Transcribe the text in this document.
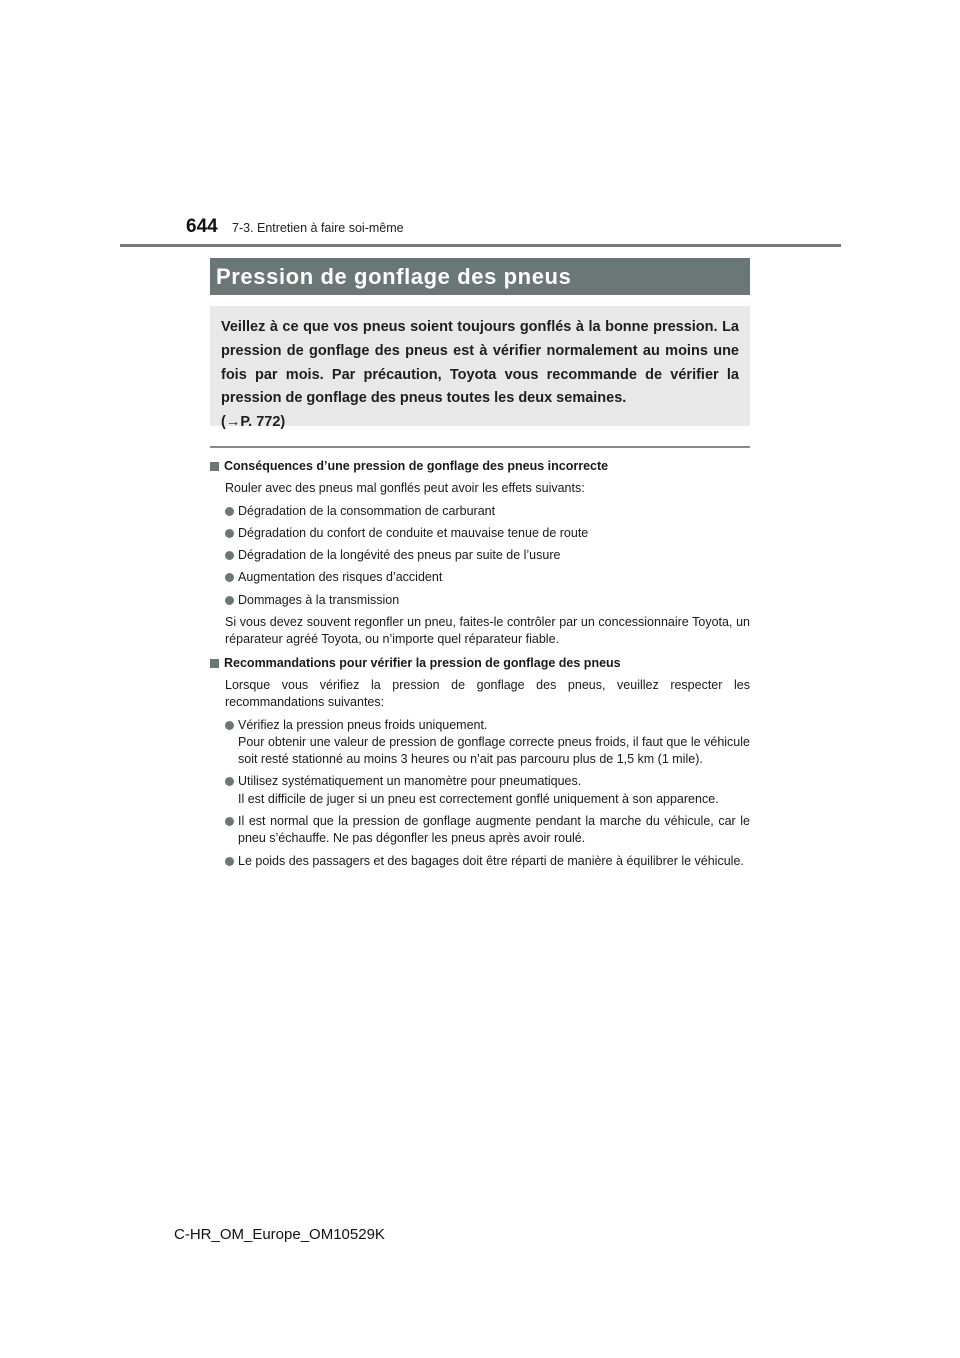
644 7-3. Entretien à faire soi-même
Pression de gonflage des pneus

Veillez à ce que vos pneus soient toujours gonflés à la bonne pression. La pression de gonflage des pneus est à vérifier normalement au moins une fois par mois. Par précaution, Toyota vous recommande de vérifier la pression de gonflage des pneus toutes les deux semaines.
(→P. 772)

Conséquences d’une pression de gonflage des pneus incorrecte
Rouler avec des pneus mal gonflés peut avoir les effets suivants:
Dégradation de la consommation de carburant
Dégradation du confort de conduite et mauvaise tenue de route
Dégradation de la longévité des pneus par suite de l’usure
Augmentation des risques d’accident
Dommages à la transmission
Si vous devez souvent regonfler un pneu, faites-le contrôler par un concessionnaire Toyota, un réparateur agréé Toyota, ou n’importe quel réparateur fiable.
Recommandations pour vérifier la pression de gonflage des pneus
Lorsque vous vérifiez la pression de gonflage des pneus, veuillez respecter les recommandations suivantes:
Vérifiez la pression pneus froids uniquement.
Pour obtenir une valeur de pression de gonflage correcte pneus froids, il faut que le véhicule soit resté stationné au moins 3 heures ou n’ait pas parcouru plus de 1,5 km (1 mile).
Utilisez systématiquement un manomètre pour pneumatiques.
Il est difficile de juger si un pneu est correctement gonflé uniquement à son apparence.
Il est normal que la pression de gonflage augmente pendant la marche du véhicule, car le pneu s’échauffe. Ne pas dégonfler les pneus après avoir roulé.
Le poids des passagers et des bagages doit être réparti de manière à équilibrer le véhicule.
C-HR_OM_Europe_OM10529K
